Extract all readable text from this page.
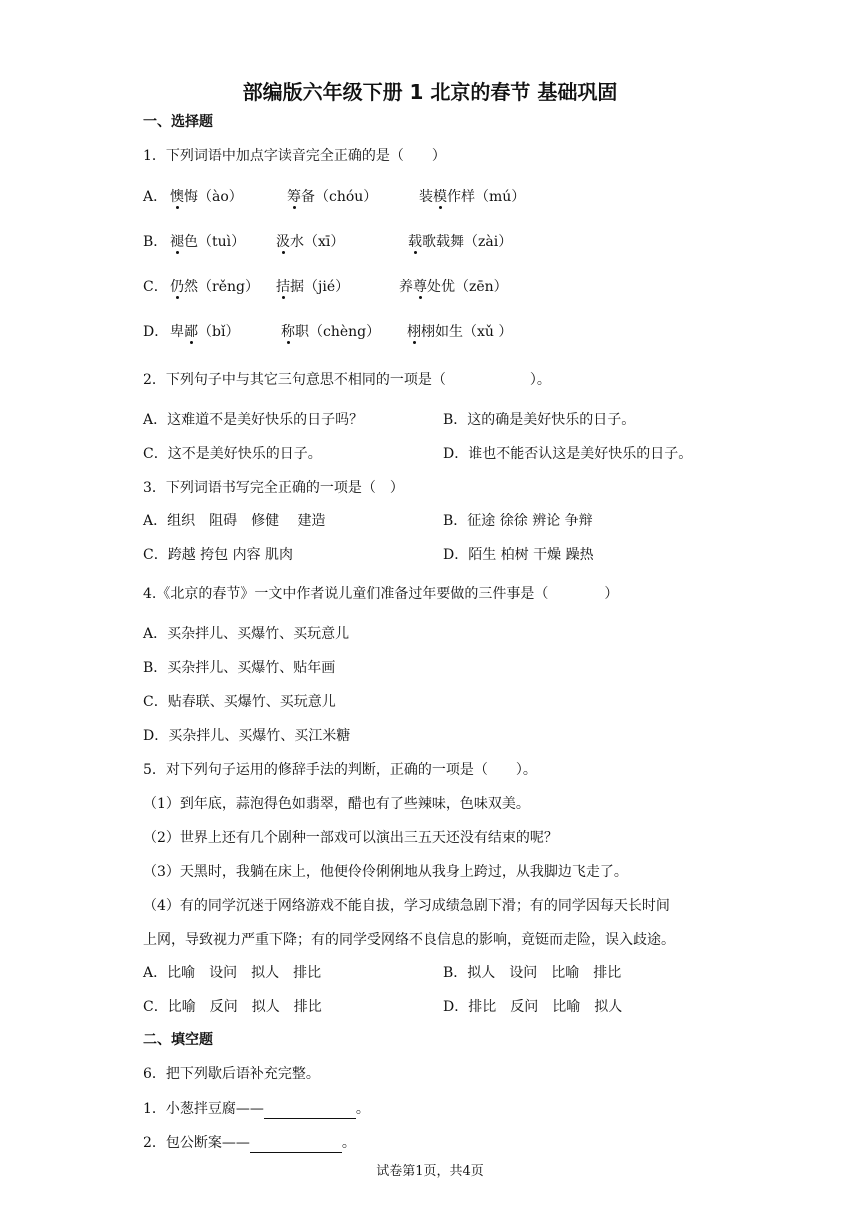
部编版六年级下册 1 北京的春节 基础巩固
一、选择题
1．下列词语中加点字读音完全正确的是（　　）
A． 懊悔（ào）	筹备（chóu）	装模作样（mú）
B． 褪色（tuì） 汲水（xī）	载歌载舞（zài）
C． 仍然（rěng） 拮据（jié）	养尊处优（zēn）
D． 卑鄙（bǐ）	称职（chèng） 栩栩如生（xǔ ）
2．下列句子中与其它三句意思不相同的一项是（　　　　　　）。
A．这难道不是美好快乐的日子吗？	B．这的确是美好快乐的日子。
C．这不是美好快乐的日子。	D．谁也不能否认这是美好快乐的日子。
3．下列词语书写完全正确的一项是（　）
A．组织　阻碍　修健　 建造	B．征途 徐徐 辨论 争辩
C．跨越 挎包 内容 肌肉	D．陌生 柏树 干燥 躁热
4.《北京的春节》一文中作者说儿童们准备过年要做的三件事是（　　　　）
A．买杂拌儿、买爆竹、买玩意儿
B．买杂拌儿、买爆竹、贴年画
C．贴春联、买爆竹、买玩意儿
D．买杂拌儿、买爆竹、买江米糖
5．对下列句子运用的修辞手法的判断，正确的一项是（　　）。
（1）到年底，蒜泡得色如翡翠，醋也有了些辣味，色味双美。
（2）世界上还有几个剧种一部戏可以演出三五天还没有结束的呢？
（3）天黑时，我躺在床上，他便伶伶俐俐地从我身上跨过，从我脚边飞走了。
（4）有的同学沉迷于网络游戏不能自拔，学习成绩急剧下滑；有的同学因每天长时间
上网，导致视力严重下降；有的同学受网络不良信息的影响，竟铤而走险，误入歧途。
A．比喻　设问　拟人　排比	B．拟人　设问　比喻　排比
C．比喻　反问　拟人　排比	D．排比　反问　比喻　拟人
二、填空题
6．把下列歇后语补充完整。
1．小葱拌豆腐——	。
2．包公断案——	。
试卷第1页，共4页
